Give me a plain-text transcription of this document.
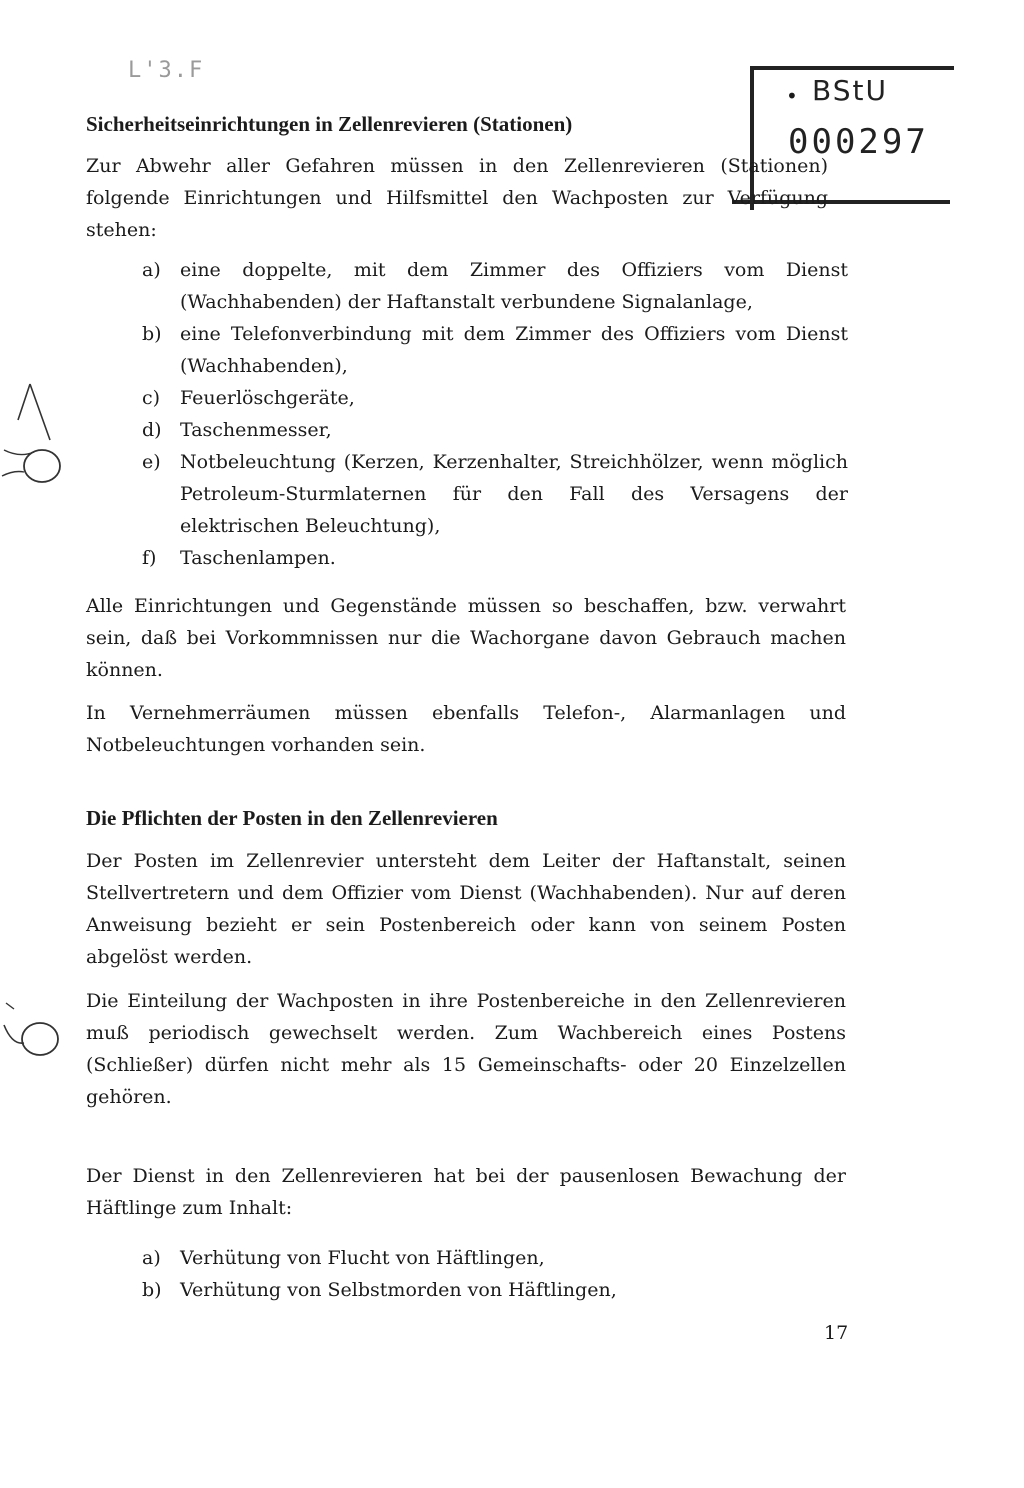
L'3.F
• BStU
000297
Sicherheitseinrichtungen in Zellenrevieren (Stationen)

Zur Abwehr aller Gefahren müssen in den Zellenrevieren (Stationen) folgende Einrichtungen und Hilfsmittel den Wachposten zur Verfügung stehen:

a)	eine doppelte, mit dem Zimmer des Offiziers vom Dienst (Wachhabenden) der Haftanstalt verbundene Signalanlage,
b) eine Telefonverbindung mit dem Zimmer des Offiziers vom Dienst (Wachhabenden),
c)	Feuerlöschgeräte,
d) Taschenmesser,
e)	Notbeleuchtung (Kerzen, Kerzenhalter, Streichhölzer, wenn möglich Petroleum-Sturmlaternen für den Fall des Versagens der elektrischen Beleuchtung),
f)	Taschenlampen.

Alle Einrichtungen und Gegenstände müssen so beschaffen, bzw. verwahrt sein, daß bei Vorkommnissen nur die Wachorgane davon Gebrauch machen können.

In Vernehmerräumen müssen ebenfalls Telefon-, Alarmanlagen und Notbeleuchtungen vorhanden sein.

Die Pflichten der Posten in den Zellenrevieren

Der Posten im Zellenrevier untersteht dem Leiter der Haftanstalt, seinen Stellvertretern und dem Offizier vom Dienst (Wachhabenden). Nur auf deren Anweisung bezieht er sein Postenbereich oder kann von seinem Posten abgelöst werden.

Die Einteilung der Wachposten in ihre Postenbereiche in den Zellenrevieren muß periodisch gewechselt werden. Zum Wachbereich eines Postens (Schließer) dürfen nicht mehr als 15 Gemeinschafts- oder 20 Einzelzellen gehören.

Der Dienst in den Zellenrevieren hat bei der pausenlosen Bewachung der Häftlinge zum Inhalt:

a)	Verhütung von Flucht von Häftlingen,
b) Verhütung von Selbstmorden von Häftlingen,
17
